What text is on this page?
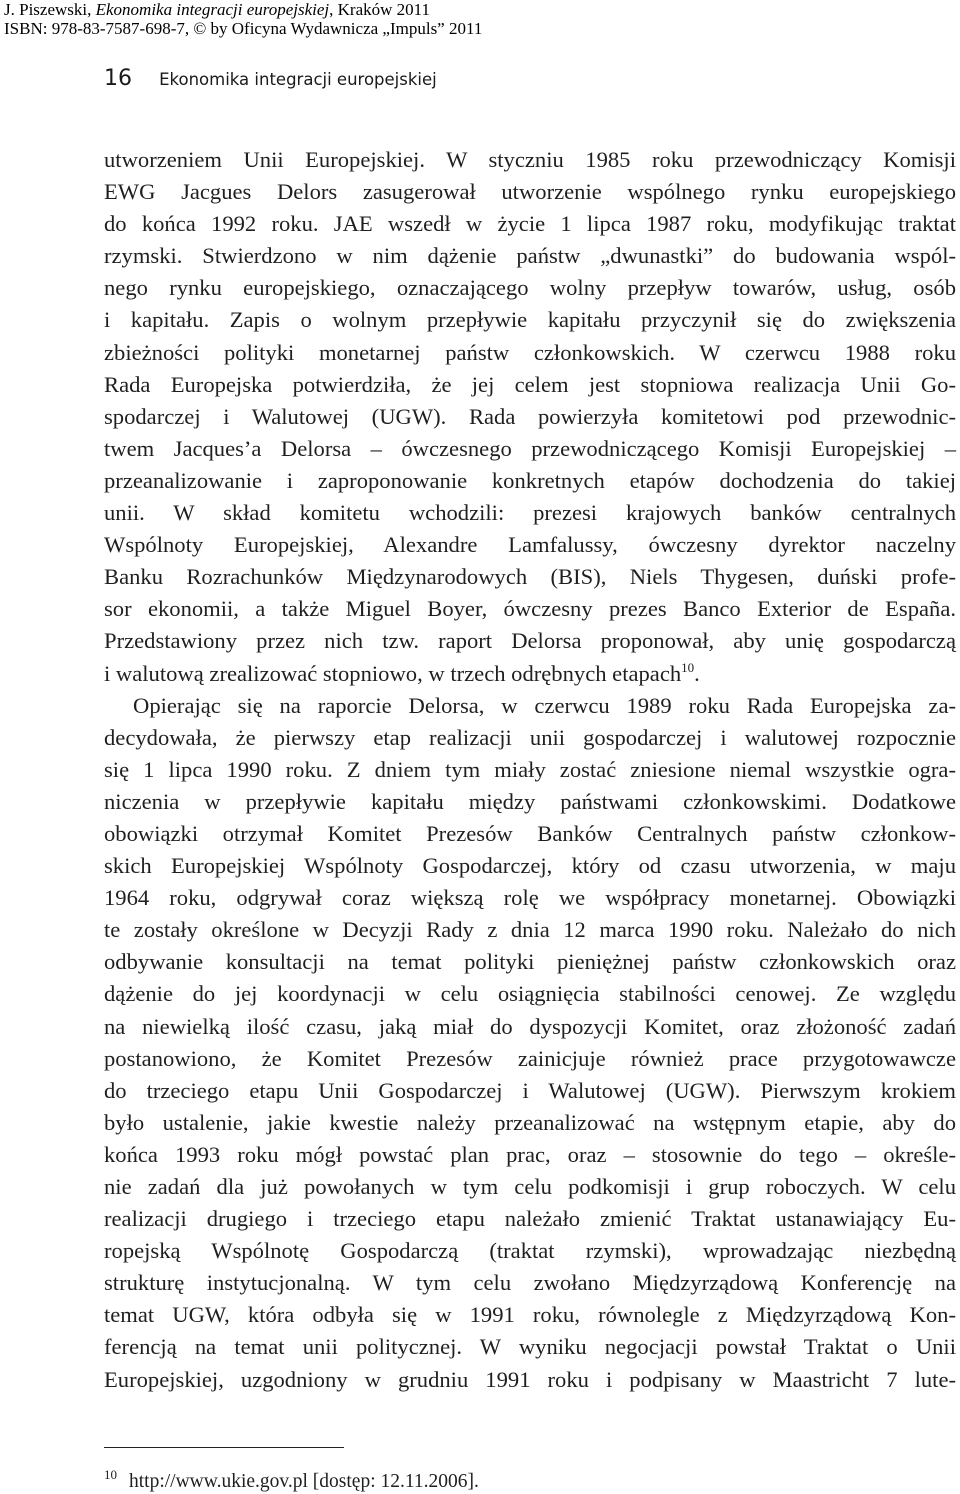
J. Piszewski, Ekonomika integracji europejskiej, Kraków 2011
ISBN: 978-83-7587-698-7, © by Oficyna Wydawnicza „Impuls” 2011
16 Ekonomika integracji europejskiej
utworzeniem Unii Europejskiej. W styczniu 1985 roku przewodniczący Komisji
EWG Jacgues Delors zasugerował utworzenie wspólnego rynku europejskiego
do końca 1992 roku. JAE wszedł w życie 1 lipca 1987 roku, modyfikując traktat
rzymski. Stwierdzono w nim dążenie państw „dwunastki” do budowania wspól-
nego rynku europejskiego, oznaczającego wolny przepływ towarów, usług, osób
i kapitału. Zapis o wolnym przepływie kapitału przyczynił się do zwiększenia
zbieżności polityki monetarnej państw członkowskich. W czerwcu 1988 roku
Rada Europejska potwierdziła, że jej celem jest stopniowa realizacja Unii Go-
spodarczej i Walutowej (UGW). Rada powierzyła komitetowi pod przewodnic-
twem Jacques’a Delorsa – ówczesnego przewodniczącego Komisji Europejskiej –
przeanalizowanie i zaproponowanie konkretnych etapów dochodzenia do takiej
unii. W skład komitetu wchodzili: prezesi krajowych banków centralnych
Wspólnoty Europejskiej, Alexandre Lamfalussy, ówczesny dyrektor naczelny
Banku Rozrachunków Międzynarodowych (BIS), Niels Thygesen, duński profe-
sor ekonomii, a także Miguel Boyer, ówczesny prezes Banco Exterior de España.
Przedstawiony przez nich tzw. raport Delorsa proponował, aby unię gospodarczą
i walutową zrealizować stopniowo, w trzech odrębnych etapach$^{10}$.
Opierając się na raporcie Delorsa, w czerwcu 1989 roku Rada Europejska za-
decydowała, że pierwszy etap realizacji unii gospodarczej i walutowej rozpocznie
się 1 lipca 1990 roku. Z dniem tym miały zostać zniesione niemal wszystkie ogra-
niczenia w przepływie kapitału między państwami członkowskimi. Dodatkowe
obowiązki otrzymał Komitet Prezesów Banków Centralnych państw członkow-
skich Europejskiej Wspólnoty Gospodarczej, który od czasu utworzenia, w maju
1964 roku, odgrywał coraz większą rolę we współpracy monetarnej. Obowiązki
te zostały określone w Decyzji Rady z dnia 12 marca 1990 roku. Należało do nich
odbywanie konsultacji na temat polityki pieniężnej państw członkowskich oraz
dążenie do jej koordynacji w celu osiągnięcia stabilności cenowej. Ze względu
na niewielką ilość czasu, jaką miał do dyspozycji Komitet, oraz złożoność zadań
postanowiono, że Komitet Prezesów zainicjuje również prace przygotowawcze
do trzeciego etapu Unii Gospodarczej i Walutowej (UGW). Pierwszym krokiem
było ustalenie, jakie kwestie należy przeanalizować na wstępnym etapie, aby do
końca 1993 roku mógł powstać plan prac, oraz – stosownie do tego – określe-
nie zadań dla już powołanych w tym celu podkomisji i grup roboczych. W celu
realizacji drugiego i trzeciego etapu należało zmienić Traktat ustanawiający Eu-
ropejską Wspólnotę Gospodarczą (traktat rzymski), wprowadzając niezbędną
strukturę instytucjonalną. W tym celu zwołano Międzyrządową Konferencję na
temat UGW, która odbyła się w 1991 roku, równolegle z Międzyrządową Kon-
ferencją na temat unii politycznej. W wyniku negocjacji powstał Traktat o Unii
Europejskiej, uzgodniony w grudniu 1991 roku i podpisany w Maastricht 7 lute-
$^{10}$ http://www.ukie.gov.pl [dostęp: 12.11.2006].
